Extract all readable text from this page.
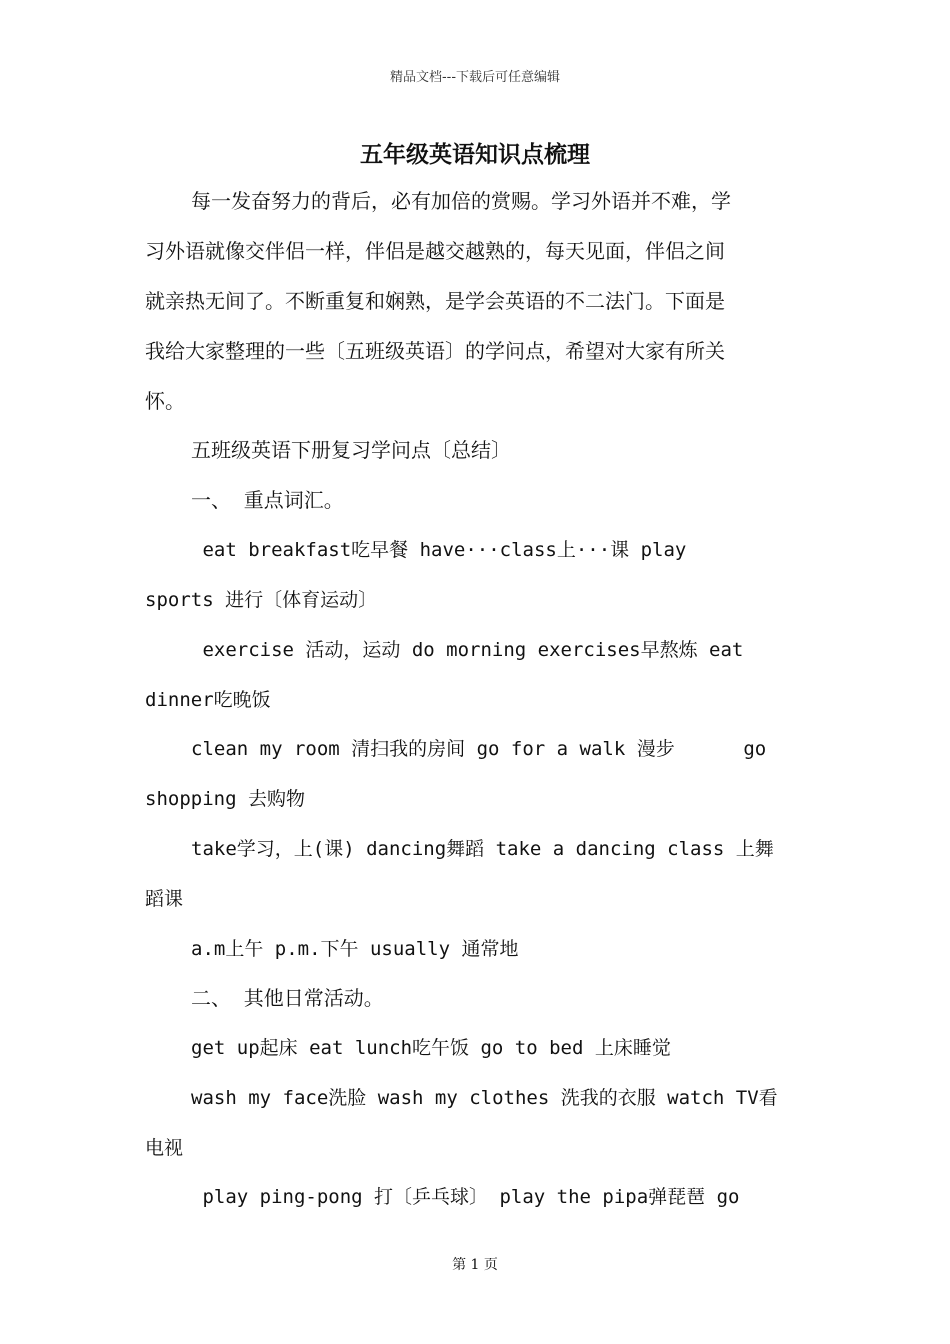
精品文档---下载后可任意编辑
五年级英语知识点梳理
每一发奋努力的背后，必有加倍的赏赐。学习外语并不难，学
习外语就像交伴侣一样，伴侣是越交越熟的，每天见面，伴侣之间
就亲热无间了。不断重复和娴熟，是学会英语的不二法门。下面是
我给大家整理的一些〔五班级英语〕的学问点，希望对大家有所关
怀。
五班级英语下册复习学问点〔总结〕
一、  重点词汇。
eat breakfast吃早餐 have···class上···课 play
sports 进行〔体育运动〕
exercise 活动，运动 do morning exercises早熬炼 eat
dinner吃晚饭
clean my room 清扫我的房间 go for a walk 漫步      go
shopping 去购物
take学习，上(课) dancing舞蹈 take a dancing class 上舞
蹈课
a.m上午 p.m.下午 usually 通常地
二、  其他日常活动。
get up起床 eat lunch吃午饭 go to bed 上床睡觉
wash my face洗脸 wash my clothes 洗我的衣服 watch TV看
电视
play ping-pong 打〔乒乓球〕 play the pipa弹琵琶 go
第 1 页
